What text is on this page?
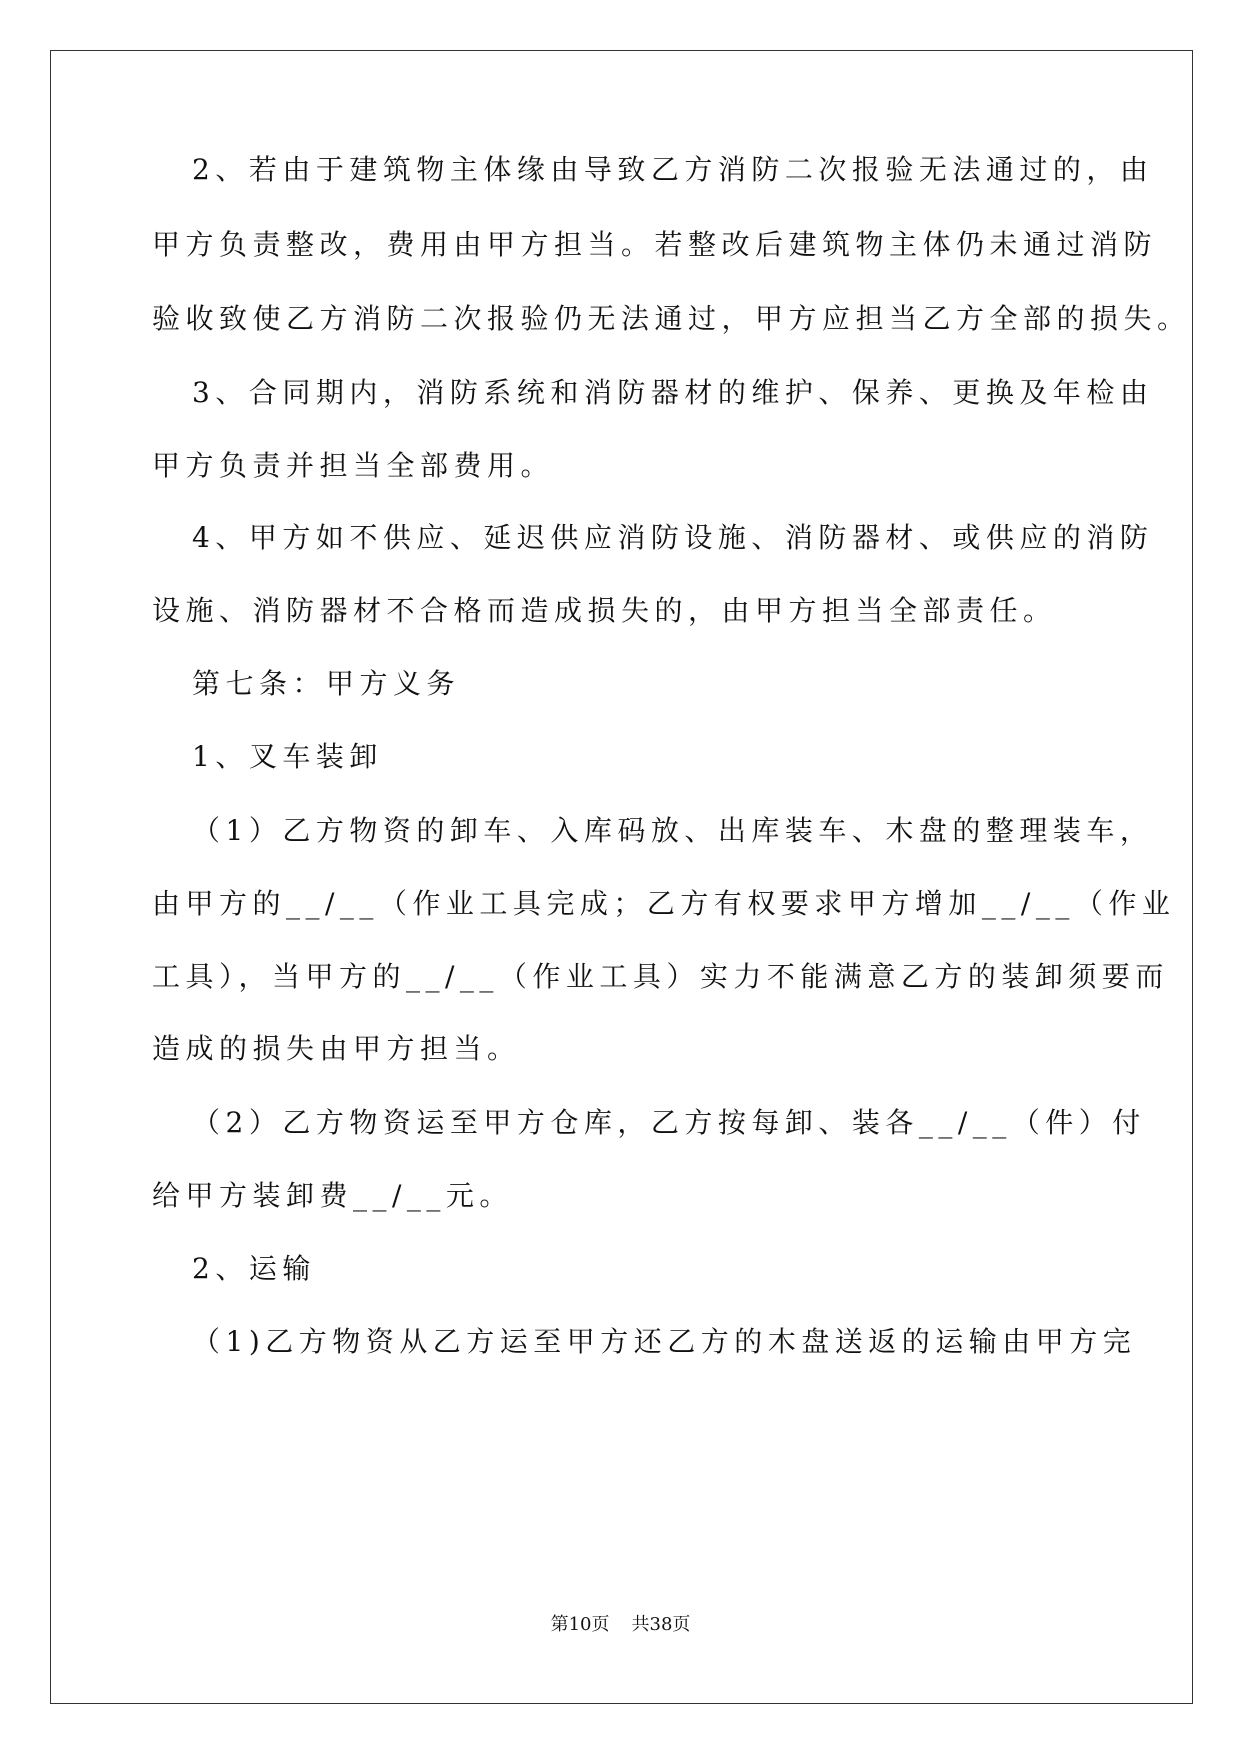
2、若由于建筑物主体缘由导致乙方消防二次报验无法通过的，由
甲方负责整改，费用由甲方担当。若整改后建筑物主体仍未通过消防
验收致使乙方消防二次报验仍无法通过，甲方应担当乙方全部的损失。
3、合同期内，消防系统和消防器材的维护、保养、更换及年检由
甲方负责并担当全部费用。
4、甲方如不供应、延迟供应消防设施、消防器材、或供应的消防
设施、消防器材不合格而造成损失的，由甲方担当全部责任。
第七条：甲方义务
1、叉车装卸
（1）乙方物资的卸车、入库码放、出库装车、木盘的整理装车，
由甲方的__/__（作业工具完成；乙方有权要求甲方增加__/__（作业
工具），当甲方的__/__（作业工具）实力不能满意乙方的装卸须要而
造成的损失由甲方担当。
（2）乙方物资运至甲方仓库，乙方按每卸、装各__/__（件）付
给甲方装卸费__/__元。
2、运输
（1)乙方物资从乙方运至甲方还乙方的木盘送返的运输由甲方完
第10页 共38页
